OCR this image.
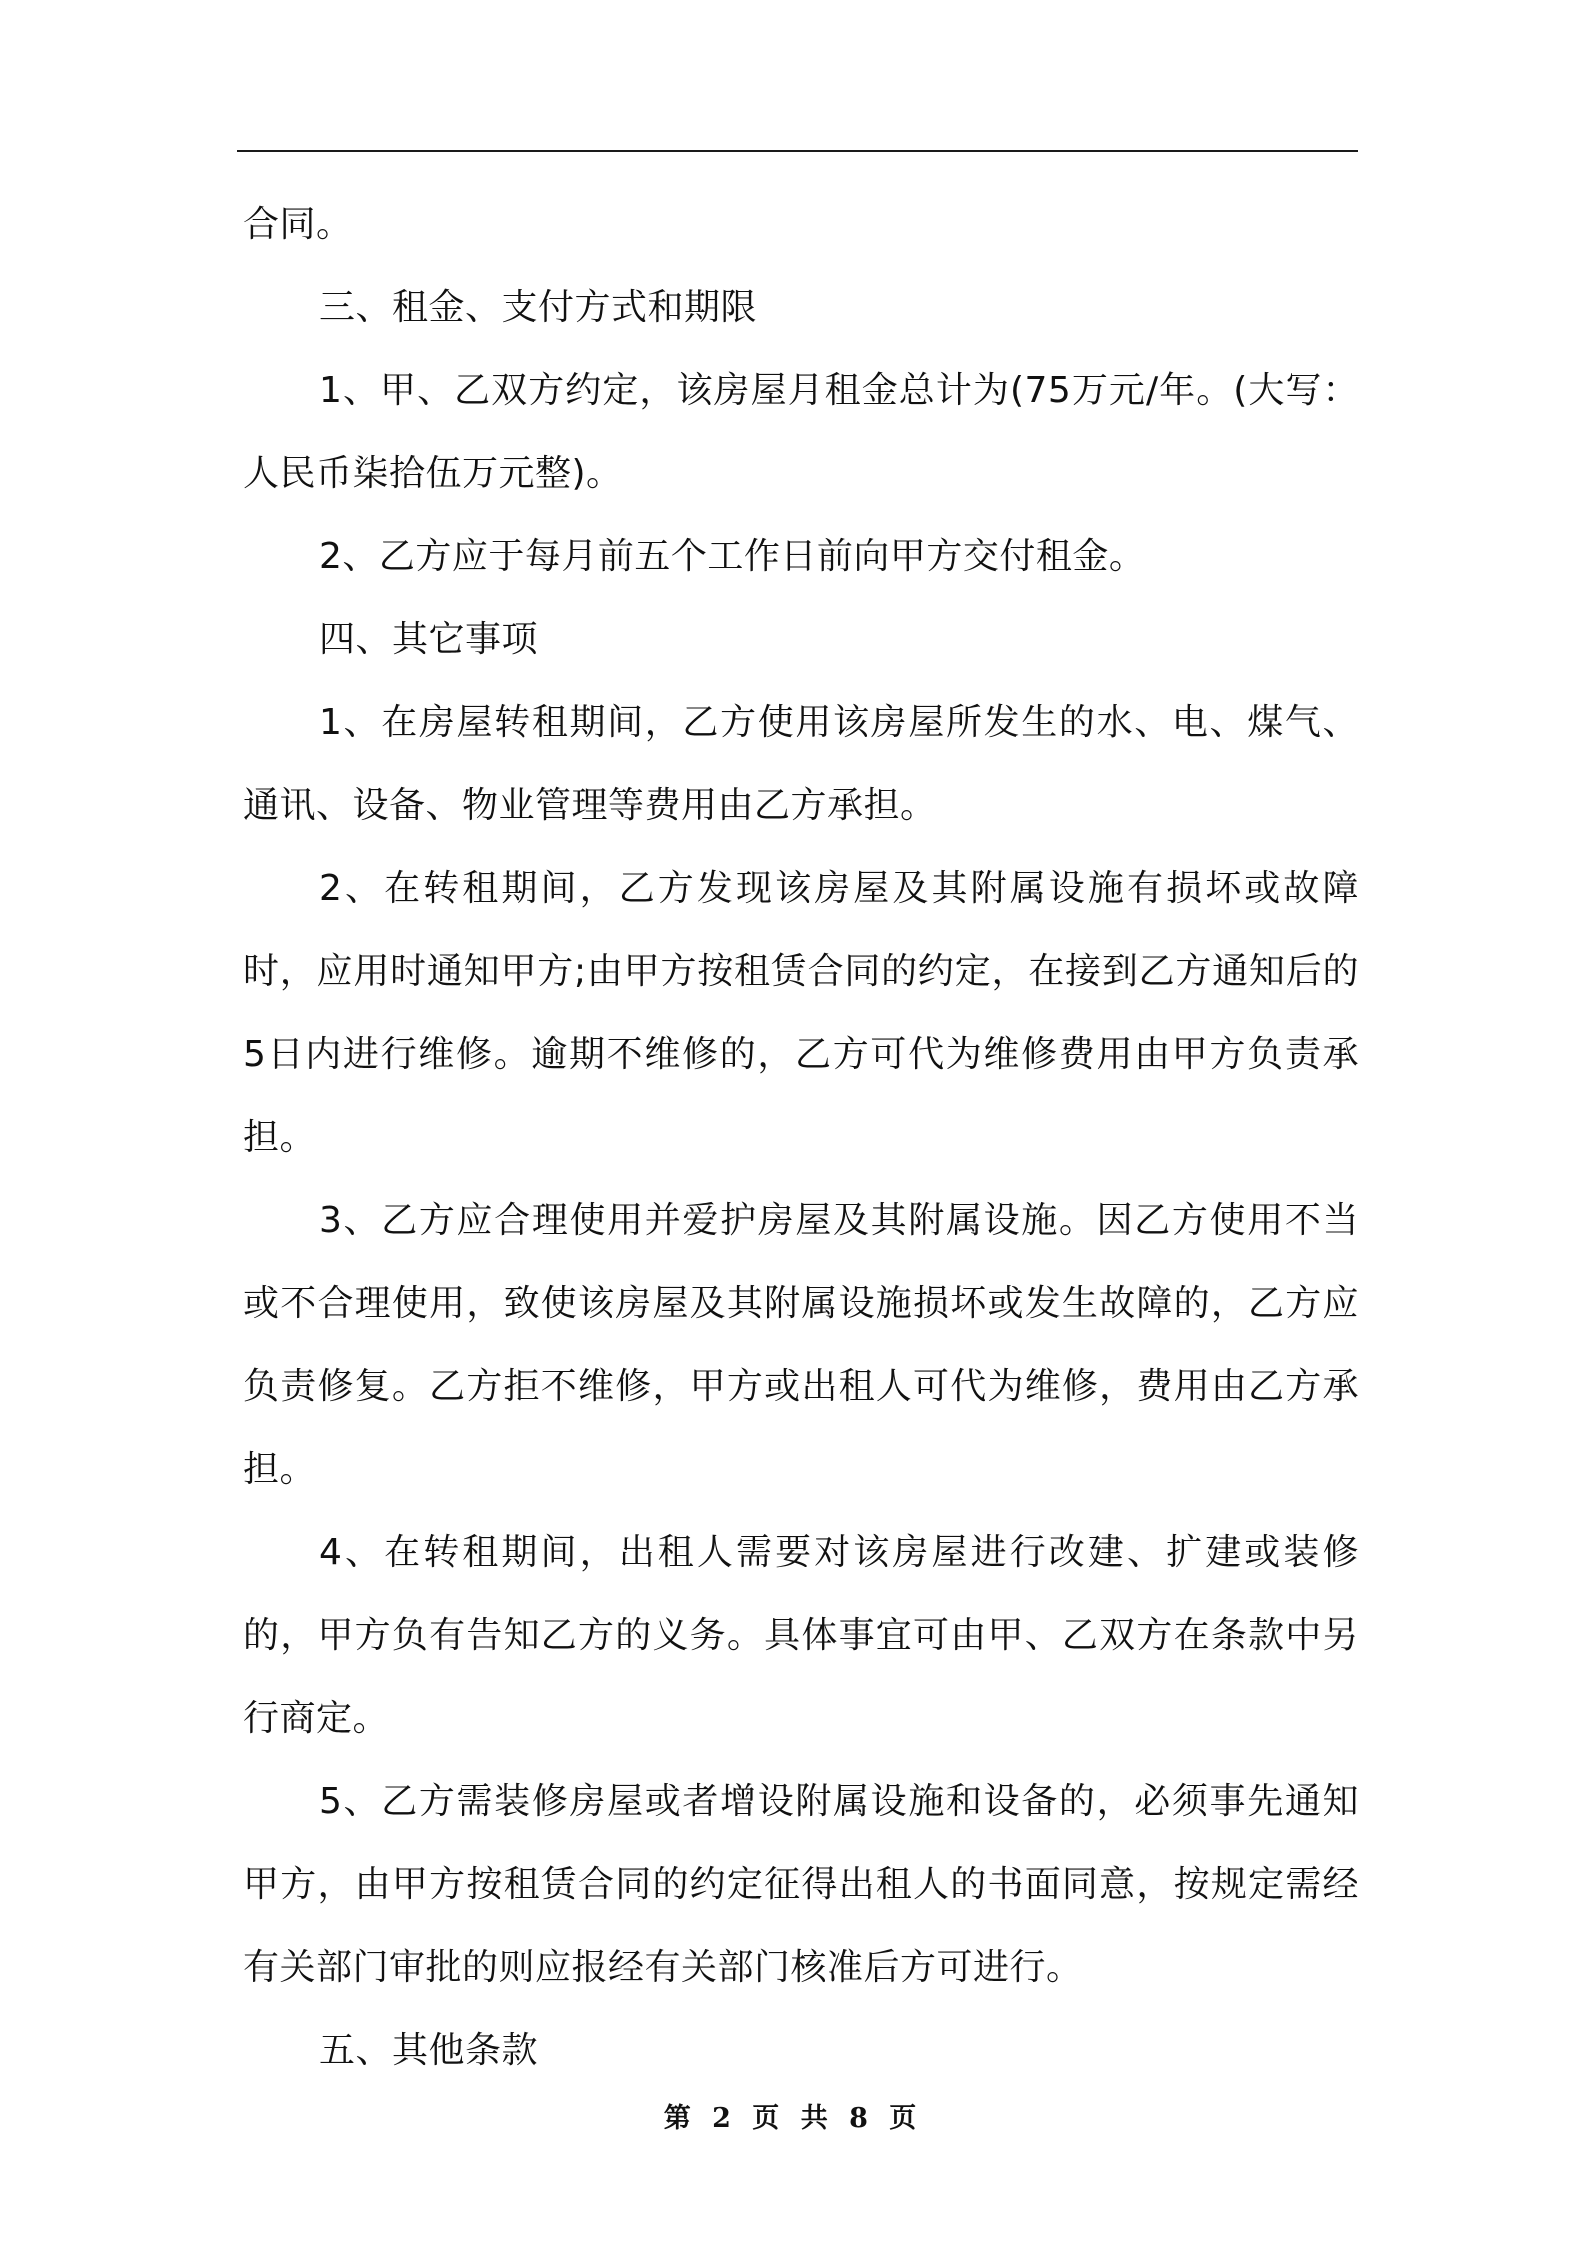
合同。

三、租金、支付方式和期限

1、甲、乙双方约定，该房屋月租金总计为(75万元/年。(大写：人民币柒拾伍万元整)。

2、乙方应于每月前五个工作日前向甲方交付租金。

四、其它事项

1、在房屋转租期间，乙方使用该房屋所发生的水、电、煤气、通讯、设备、物业管理等费用由乙方承担。

2、在转租期间，乙方发现该房屋及其附属设施有损坏或故障时，应用时通知甲方;由甲方按租赁合同的约定，在接到乙方通知后的5日内进行维修。逾期不维修的，乙方可代为维修费用由甲方负责承担。

3、乙方应合理使用并爱护房屋及其附属设施。因乙方使用不当或不合理使用，致使该房屋及其附属设施损坏或发生故障的，乙方应负责修复。乙方拒不维修，甲方或出租人可代为维修，费用由乙方承担。

4、在转租期间，出租人需要对该房屋进行改建、扩建或装修的，甲方负有告知乙方的义务。具体事宜可由甲、乙双方在条款中另行商定。

5、乙方需装修房屋或者增设附属设施和设备的，必须事先通知甲方，由甲方按租赁合同的约定征得出租人的书面同意，按规定需经有关部门审批的则应报经有关部门核准后方可进行。

五、其他条款

第 2 页 共 8 页
